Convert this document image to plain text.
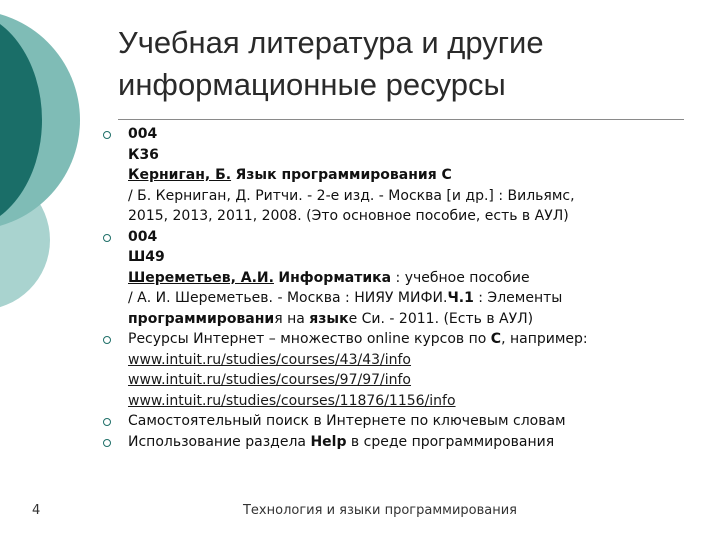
Учебная литература и другие
информационные ресурсы
004
К36
Керниган, Б. Язык программирования С
/ Б. Керниган, Д. Ритчи. - 2-е изд. - Москва [и др.] : Вильямс,
2015, 2013, 2011, 2008. (Это основное пособие, есть в АУЛ)
004
Ш49
Шереметьев, А.И. Информатика : учебное пособие
/ А. И. Шереметьев. - Москва : НИЯУ МИФИ.Ч.1 : Элементы
программирования на языке Си. - 2011. (Есть в АУЛ)
Ресурсы Интернет – множество online курсов по С, например:
www.intuit.ru/studies/courses/43/43/info
www.intuit.ru/studies/courses/97/97/info
www.intuit.ru/studies/courses/11876/1156/info
Самостоятельный поиск в Интернете по ключевым словам
Использование раздела Help в среде программирования
4	Технология и языки программирования
